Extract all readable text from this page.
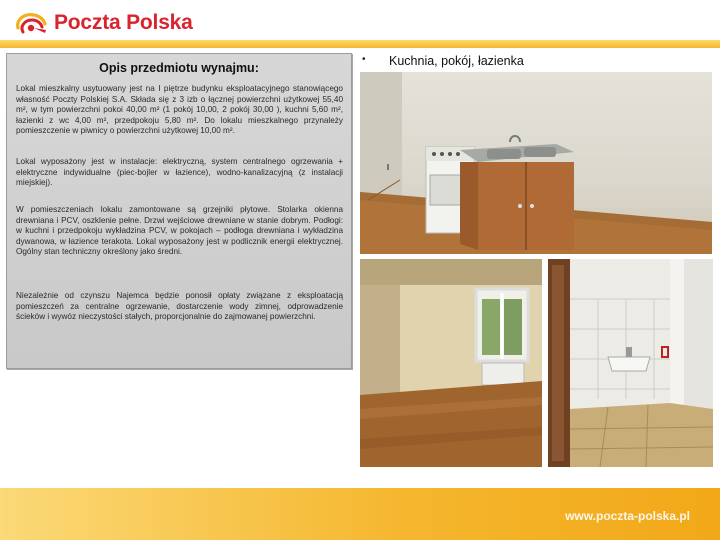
Poczta Polska
Opis przedmiotu wynajmu:
Lokal mieszkalny usytuowany jest na I piętrze budynku eksploatacyjnego stanowiącego własność Poczty Polskiej S.A. Składa się z 3 izb o łącznej powierzchni użytkowej 55,40 m², w tym powierzchni pokoi 40,00 m² (1 pokój 10,00, 2 pokój 30,00 ), kuchni 5,60 m², łazienki z wc 4,00 m², przedpokoju 5,80 m². Do lokalu mieszkalnego przynależy pomieszczenie w piwnicy o powierzchni użytkowej 10,00 m².
Lokal wyposażony jest w instalacje: elektryczną, system centralnego ogrzewania + elektryczne indywidualne (piec-bojler w łazience), wodno-kanalizacyjną (z instalacji miejskiej).
W pomieszczeniach lokalu zamontowane są grzejniki płytowe. Stolarka okienna drewniana i PCV, oszklenie pełne. Drzwi wejściowe drewniane w stanie dobrym. Podłogi: w kuchni i przedpokoju wykładzina PCV, w pokojach – podłoga drewniana i wykładzina dywanowa, w łazience terakota. Lokal wyposażony jest w podlicznik energii elektrycznej. Ogólny stan techniczny określony jako średni.
Niezależnie od czynszu Najemca będzie ponosił opłaty związane z eksploatacją pomieszczeń za centralne ogrzewanie, dostarczenie wody zimnej, odprowadzenie ścieków i wywóz nieczystości stałych, proporcjonalnie do zajmowanej powierzchni.
• Kuchnia, pokój, łazienka
www.poczta-polska.pl
